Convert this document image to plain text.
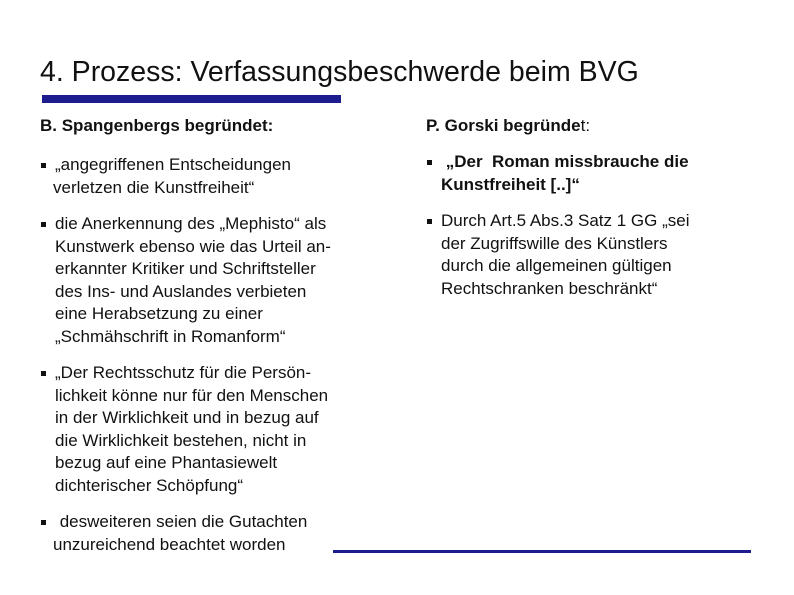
4. Prozess: Verfassungsbeschwerde beim BVG
B. Spangenbergs begründet:
„angegriffenen Entscheidungen
verletzen die Kunstfreiheit“
die Anerkennung des „Mephisto“ als
Kunstwerk ebenso wie das Urteil an-
erkannter Kritiker und Schriftsteller
des Ins- und Auslandes verbieten
eine Herabsetzung zu einer
„Schmähschrift in Romanform“
„Der Rechtsschutz für die Persön-
lichkeit könne nur für den Menschen
in der Wirklichkeit und in bezug auf
die Wirklichkeit bestehen, nicht in
bezug auf eine Phantasiewelt
dichterischer Schöpfung“
desweiteren seien die Gutachten
unzureichend beachtet worden
P. Gorski begründet:
„Der  Roman missbrauche die
Kunstfreiheit [..]“
Durch Art.5 Abs.3 Satz 1 GG „sei
der Zugriffswille des Künstlers
durch die allgemeinen gültigen
Rechtschranken beschränkt“
